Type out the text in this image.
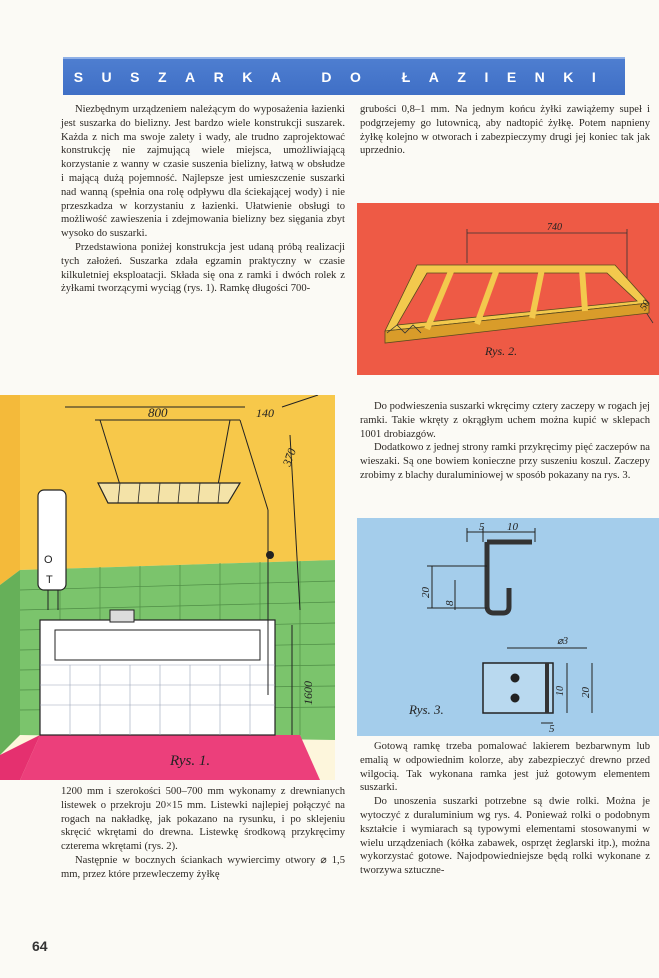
SUSZARKA DO ŁAZIENKI

Niezbędnym urządzeniem należącym do wyposażenia łazienki jest suszarka do bielizny. Jest bardzo wiele konstrukcji suszarek. Każda z nich ma swoje zalety i wady, ale trudno zaprojektować konstrukcję nie zajmującą wiele miejsca, umożliwiającą korzystanie z wanny w czasie suszenia bielizny, łatwą w obsłudze i mającą dużą pojemność. Najlepsze jest umieszczenie suszarki nad wanną (spełnia ona rolę odpływu dla ściekającej wody) i nie przeszkadza w korzystaniu z łazienki. Ułatwienie obsługi to możliwość zawieszenia i zdejmowania bielizny bez sięgania zbyt wysoko do suszarki.

Przedstawiona poniżej konstrukcja jest udaną próbą realizacji tych założeń. Suszarka zdała egzamin praktyczny w czasie kilkuletniej eksploatacji. Składa się ona z ramki i dwóch rolek z żyłkami tworzącymi wyciąg (rys. 1). Ramkę długości 700-

grubości 0,8–1 mm. Na jednym końcu żyłki zawiążemy supeł i podgrzejemy go lutownicą, aby nadtopić żyłkę. Potem napnieny żyłkę kolejno w otworach i zabezpieczymy drugi jej koniec tak jak uprzednio.

740
50
Rys. 2.

Do podwieszenia suszarki wkręcimy cztery zaczepy w rogach jej ramki. Takie wkręty z okrągłym uchem można kupić w sklepach 1001 drobiazgów.

Dodatkowo z jednej strony ramki przykręcimy pięć zaczepów na wieszaki. Są one bowiem konieczne przy suszeniu koszul. Zaczepy zrobimy z blachy duraluminiowej w sposób pokazany na rys. 3.

5 10
20
8
⌀3
10 20
5
Rys. 3.

Gotową ramkę trzeba pomalować lakierem bezbarwnym lub emalią w odpowiednim kolorze, aby zabezpieczyć drewno przed wilgocią. Tak wykonana ramka jest już gotowym elementem suszarki.

Do unoszenia suszarki potrzebne są dwie rolki. Można je wytoczyć z duraluminium wg rys. 4. Ponieważ rolki o podobnym kształcie i wymiarach są typowymi elementami stosowanymi w wielu urządzeniach (kółka zabawek, osprzęt żeglarski itp.), można wykorzystać gotowe. Najodpowiedniejsze będą rolki wykonane z tworzywa sztuczne-

O
T
800	140
370
1600
Rys. 1.

1200 mm i szerokości 500–700 mm wykonamy z drewnianych listewek o przekroju 20×15 mm. Listewki najlepiej połączyć na rogach na nakładkę, jak pokazano na rysunku, i po sklejeniu skręcić wkrętami do drewna. Listewkę środkową przykręcimy czterema wkrętami (rys. 2).

Następnie w bocznych ściankach wywiercimy otwory ⌀ 1,5 mm, przez które przewleczemy żyłkę

64
